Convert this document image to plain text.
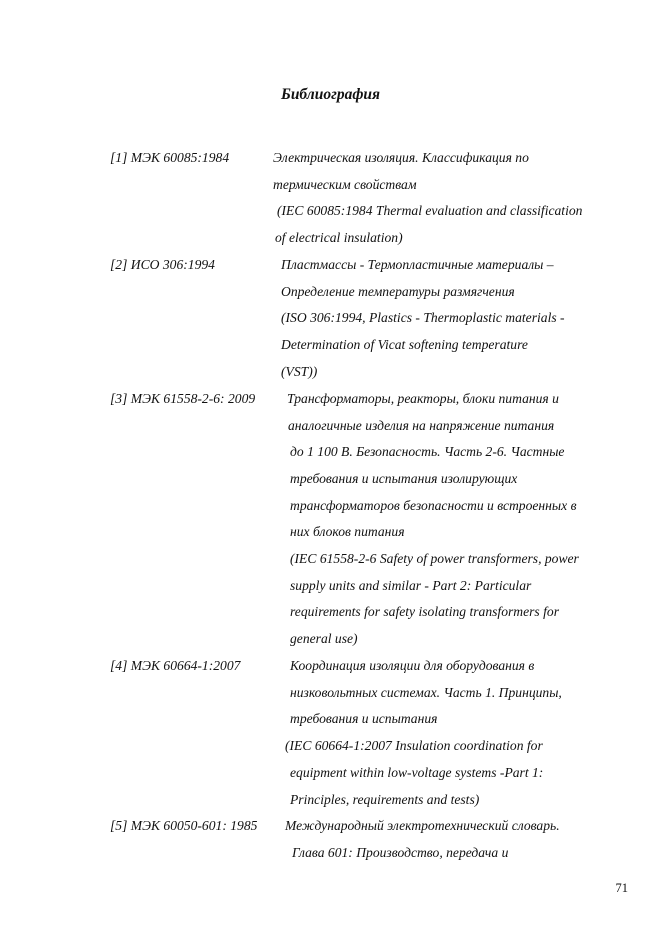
Библиография
[1] МЭК 60085:1984	Электрическая изоляция. Классификация по
термическим свойствам
(IEC 60085:1984 Thermal evaluation and classification
of electrical insulation)
[2] ИСО 306:1994	Пластмассы - Термопластичные материалы –
Определение температуры размягчения
(ISO 306:1994, Plastics - Thermoplastic materials -
Determination of Vicat softening temperature
(VST))
[3] МЭК 61558-2-6: 2009 Трансформаторы, реакторы, блоки питания и
аналогичные изделия на напряжение питания
до 1 100 В. Безопасность. Часть 2-6. Частные
требования и испытания изолирующих
трансформаторов безопасности и встроенных в
них блоков питания
(IEC 61558-2-6 Safety of power transformers, power
supply units and similar - Part 2: Particular
requirements for safety isolating transformers for
general use)
[4] МЭК 60664-1:2007	Координация изоляции для оборудования в
низковольтных системах. Часть 1. Принципы,
требования и испытания
(IEC 60664-1:2007 Insulation coordination for
equipment within low-voltage systems -Part 1:
Principles, requirements and tests)
[5] МЭК 60050-601: 1985 Международный электротехнический словарь.
Глава 601: Производство, передача и
71
